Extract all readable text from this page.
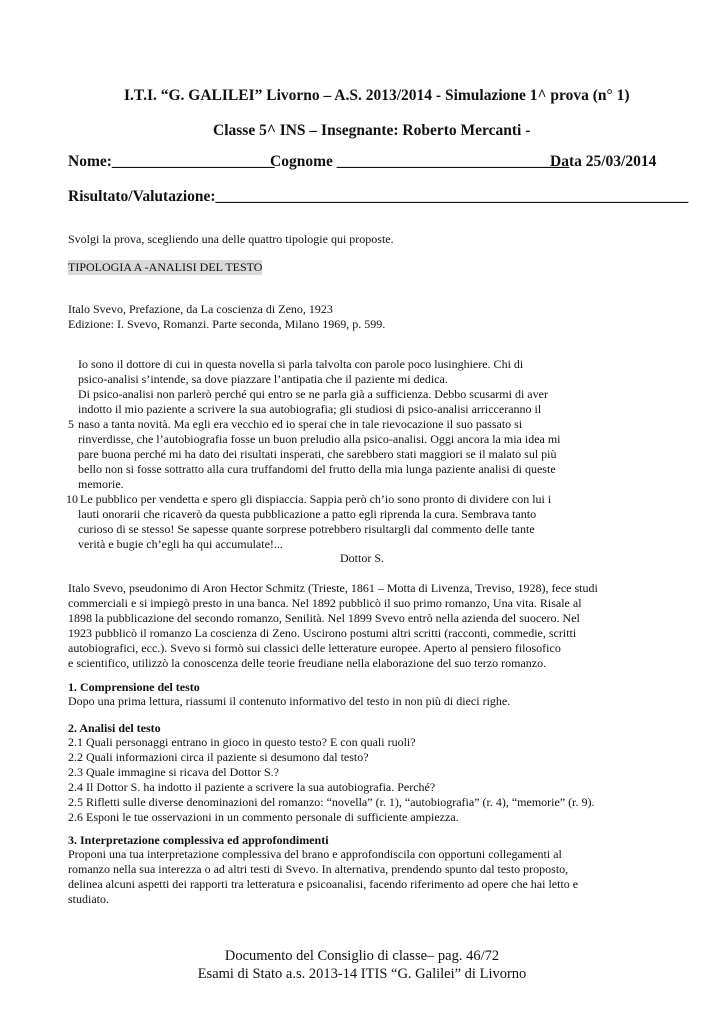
I.T.I. “G. GALILEI” Livorno – A.S. 2013/2014 - Simulazione 1^ prova (n° 1)
Classe 5^ INS – Insegnante: Roberto Mercanti -
Nome:_____________________
Cognome ______________________________
Data 25/03/2014
Risultato/Valutazione:_____________________________________________________________
Svolgi la prova, scegliendo una delle quattro tipologie qui proposte.
TIPOLOGIA A -ANALISI DEL TESTO
Italo Svevo, Prefazione, da La coscienza di Zeno, 1923
Edizione: I. Svevo, Romanzi. Parte seconda, Milano 1969, p. 599.
Io sono il dottore di cui in questa novella si parla talvolta con parole poco lusinghiere. Chi di
psico-analisi s’intende, sa dove piazzare l’antipatia che il paziente mi dedica.
Di psico-analisi non parlerò perché qui entro se ne parla già a sufficienza. Debbo scusarmi di aver
indotto il mio paziente a scrivere la sua autobiografia; gli studiosi di psico-analisi arricceranno il
5 naso a tanta novità. Ma egli era vecchio ed io sperai che in tale rievocazione il suo passato si
rinverdisse, che l’autobiografia fosse un buon preludio alla psico-analisi. Oggi ancora la mia idea mi
pare buona perché mi ha dato dei risultati insperati, che sarebbero stati maggiori se il malato sul più
bello non si fosse sottratto alla cura truffandomi del frutto della mia lunga paziente analisi di queste
memorie.
10 Le pubblico per vendetta e spero gli dispiaccia. Sappia però ch’io sono pronto di dividere con lui i
lauti onorarii che ricaverò da questa pubblicazione a patto egli riprenda la cura. Sembrava tanto
curioso di se stesso! Se sapesse quante sorprese potrebbero risultargli dal commento delle tante
verità e bugie ch’egli ha qui accumulate!...
Dottor S.
Italo Svevo, pseudonimo di Aron Hector Schmitz (Trieste, 1861 – Motta di Livenza, Treviso, 1928), fece studi
commerciali e si impiegò presto in una banca. Nel 1892 pubblicò il suo primo romanzo, Una vita. Risale al
1898 la pubblicazione del secondo romanzo, Senilità. Nel 1899 Svevo entrò nella azienda del suocero. Nel
1923 pubblicò il romanzo La coscienza di Zeno. Uscirono postumi altri scritti (racconti, commedie, scritti
autobiografici, ecc.). Svevo si formò sui classici delle letterature europee. Aperto al pensiero filosofico
e scientifico, utilizzò la conoscenza delle teorie freudiane nella elaborazione del suo terzo romanzo.
1. Comprensione del testo
Dopo una prima lettura, riassumi il contenuto informativo del testo in non più di dieci righe.
2. Analisi del testo
2.1 Quali personaggi entrano in gioco in questo testo? E con quali ruoli?
2.2 Quali informazioni circa il paziente si desumono dal testo?
2.3 Quale immagine si ricava del Dottor S.?
2.4 Il Dottor S. ha indotto il paziente a scrivere la sua autobiografia. Perché?
2.5 Rifletti sulle diverse denominazioni del romanzo: “novella” (r. 1), “autobiografia” (r. 4), “memorie” (r. 9).
2.6 Esponi le tue osservazioni in un commento personale di sufficiente ampiezza.
3. Interpretazione complessiva ed approfondimenti
Proponi una tua interpretazione complessiva del brano e approfondiscila con opportuni collegamenti al
romanzo nella sua interezza o ad altri testi di Svevo. In alternativa, prendendo spunto dal testo proposto,
delinea alcuni aspetti dei rapporti tra letteratura e psicoanalisi, facendo riferimento ad opere che hai letto e
studiato.
Documento del Consiglio di classe– pag. 46/72
Esami di Stato a.s. 2013-14 ITIS “G. Galilei” di Livorno
